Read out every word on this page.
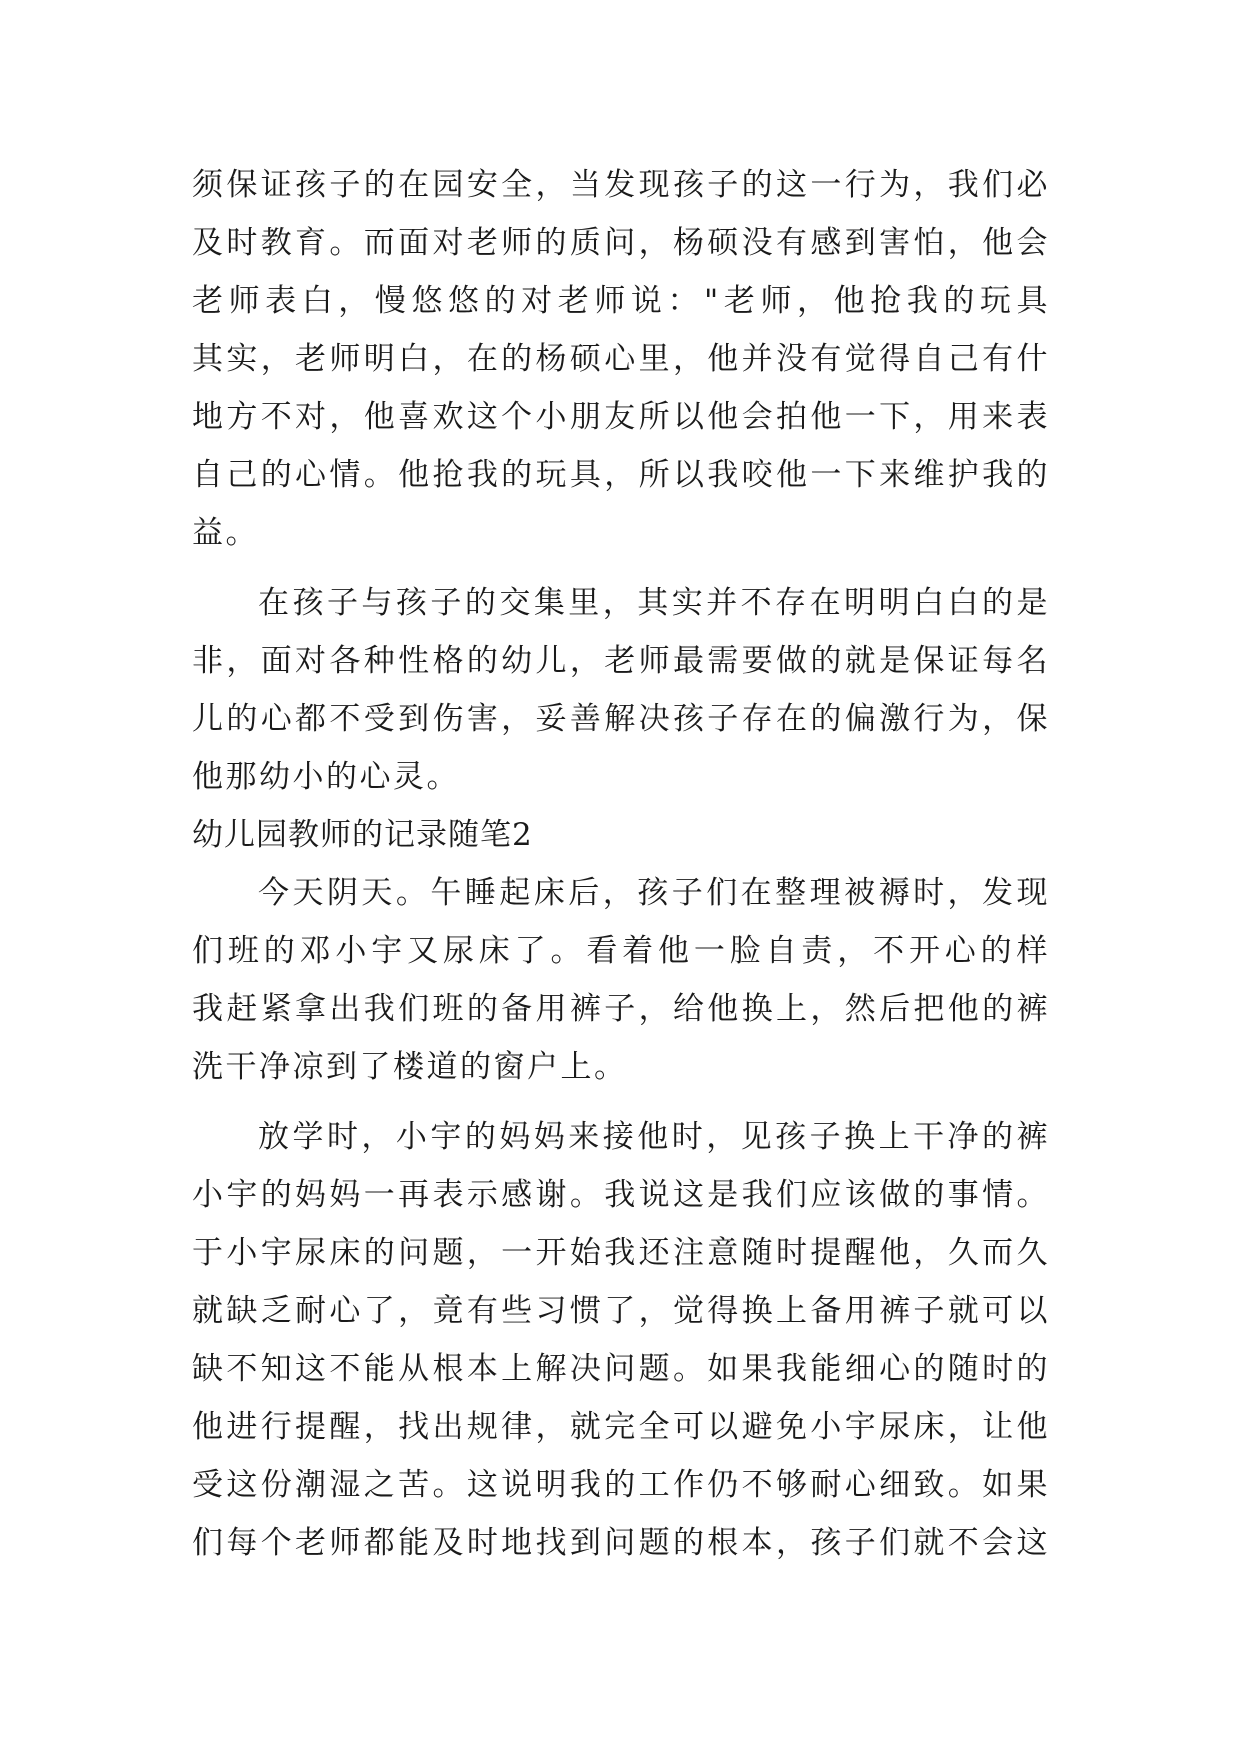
须保证孩子的在园安全，当发现孩子的这一行为，我们必
及时教育。而面对老师的质问，杨硕没有感到害怕，他会
老师表白，慢悠悠的对老师说："老师，他抢我的玩具
其实，老师明白，在的杨硕心里，他并没有觉得自己有什
地方不对，他喜欢这个小朋友所以他会拍他一下，用来表
自己的心情。他抢我的玩具，所以我咬他一下来维护我的
益。
在孩子与孩子的交集里，其实并不存在明明白白的是
非，面对各种性格的幼儿，老师最需要做的就是保证每名
儿的心都不受到伤害，妥善解决孩子存在的偏激行为，保
他那幼小的心灵。
幼儿园教师的记录随笔2
今天阴天。午睡起床后，孩子们在整理被褥时，发现
们班的邓小宇又尿床了。看着他一脸自责，不开心的样
我赶紧拿出我们班的备用裤子，给他换上，然后把他的裤
洗干净凉到了楼道的窗户上。
放学时，小宇的妈妈来接他时，见孩子换上干净的裤
小宇的妈妈一再表示感谢。我说这是我们应该做的事情。
于小宇尿床的问题，一开始我还注意随时提醒他，久而久
就缺乏耐心了，竟有些习惯了，觉得换上备用裤子就可以
缺不知这不能从根本上解决问题。如果我能细心的随时的
他进行提醒，找出规律，就完全可以避免小宇尿床，让他
受这份潮湿之苦。这说明我的工作仍不够耐心细致。如果
们每个老师都能及时地找到问题的根本，孩子们就不会这
